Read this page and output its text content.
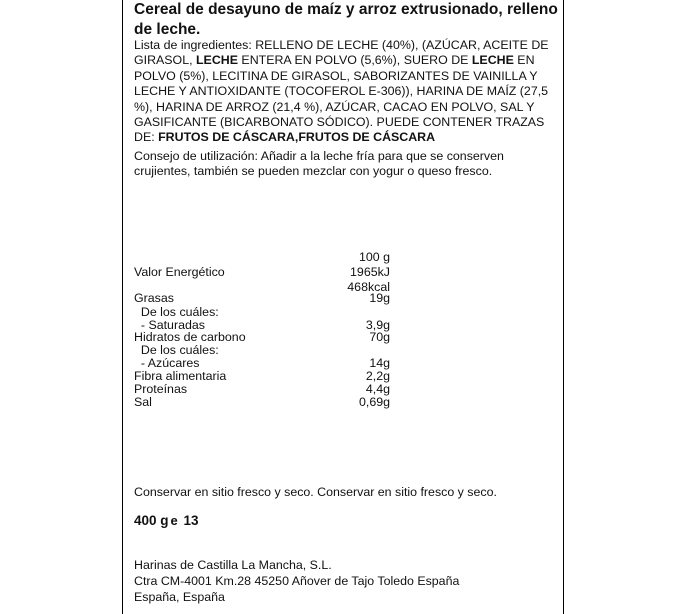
Cereal de desayuno de maíz y arroz extrusionado, relleno de leche.
Lista de ingredientes: RELLENO DE LECHE (40%), (AZÚCAR, ACEITE DE GIRASOL, LECHE ENTERA EN POLVO (5,6%), SUERO DE LECHE EN POLVO (5%), LECITINA DE GIRASOL, SABORIZANTES DE VAINILLA Y LECHE Y ANTIOXIDANTE (TOCOFEROL E-306)), HARINA DE MAÍZ (27,5 %), HARINA DE ARROZ (21,4 %), AZÚCAR, CACAO EN POLVO, SAL Y GASIFICANTE (BICARBONATO SÓDICO). PUEDE CONTENER TRAZAS DE: FRUTOS DE CÁSCARA,FRUTOS DE CÁSCARA
Consejo de utilización: Añadir a la leche fría para que se conserven crujientes, también se pueden mezclar con yogur o queso fresco.
100 g
Valor Energético	1965kJ
468kcal
Grasas	19g
De los cuáles:
- Saturadas	3,9g
Hidratos de carbono	70g
De los cuáles:
- Azúcares	14g
Fibra alimentaria	2,2g
Proteínas	4,4g
Sal	0,69g
Conservar en sitio fresco y seco. Conservar en sitio fresco y seco.
400 g e 13
Harinas de Castilla La Mancha, S.L.
Ctra CM-4001 Km.28 45250 Añover de Tajo Toledo España
España, España
